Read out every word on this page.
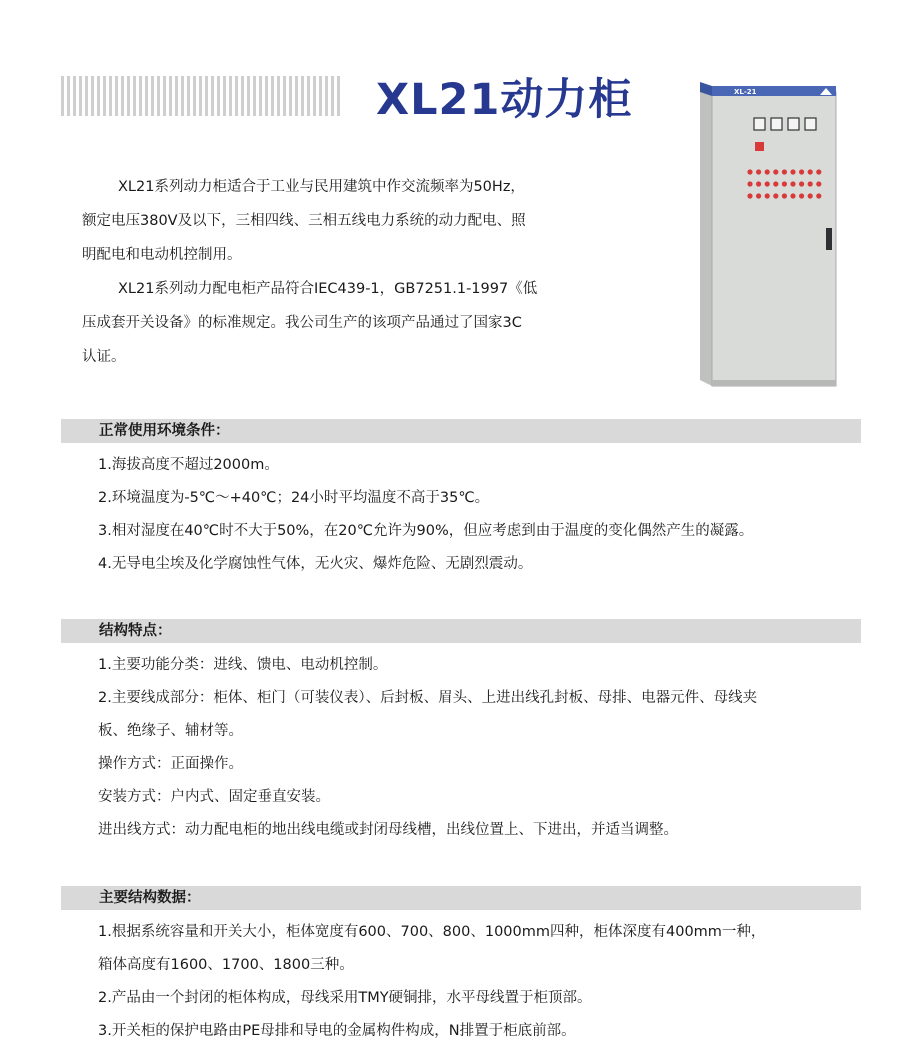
XL21动力柜

XL21系列动力柜适合于工业与民用建筑中作交流频率为50Hz，

额定电压380V及以下，三相四线、三相五线电力系统的动力配电、照

明配电和电动机控制用。

XL21系列动力配电柜产品符合IEC439-1，GB7251.1-1997《低

压成套开关设备》的标准规定。我公司生产的该项产品通过了国家3C

认证。

XL-21
正常使用环境条件：

1.海拔高度不超过2000m。

2.环境温度为-5℃～+40℃；24小时平均温度不高于35℃。

3.相对湿度在40℃时不大于50%，在20℃允许为90%，但应考虑到由于温度的变化偶然产生的凝露。

4.无导电尘埃及化学腐蚀性气体，无火灾、爆炸危险、无剧烈震动。

结构特点：

1.主要功能分类：进线、馈电、电动机控制。

2.主要线成部分：柜体、柜门（可装仪表）、后封板、眉头、上进出线孔封板、母排、电器元件、母线夹

板、绝缘子、辅材等。

操作方式：正面操作。

安装方式：户内式、固定垂直安装。

进出线方式：动力配电柜的地出线电缆或封闭母线槽，出线位置上、下进出，并适当调整。

主要结构数据：

1.根据系统容量和开关大小，柜体宽度有600、700、800、1000mm四种，柜体深度有400mm一种，

箱体高度有1600、1700、1800三种。

2.产品由一个封闭的柜体构成，母线采用TMY硬铜排，水平母线置于柜顶部。

3.开关柜的保护电路由PE母排和导电的金属构件构成，N排置于柜底前部。
